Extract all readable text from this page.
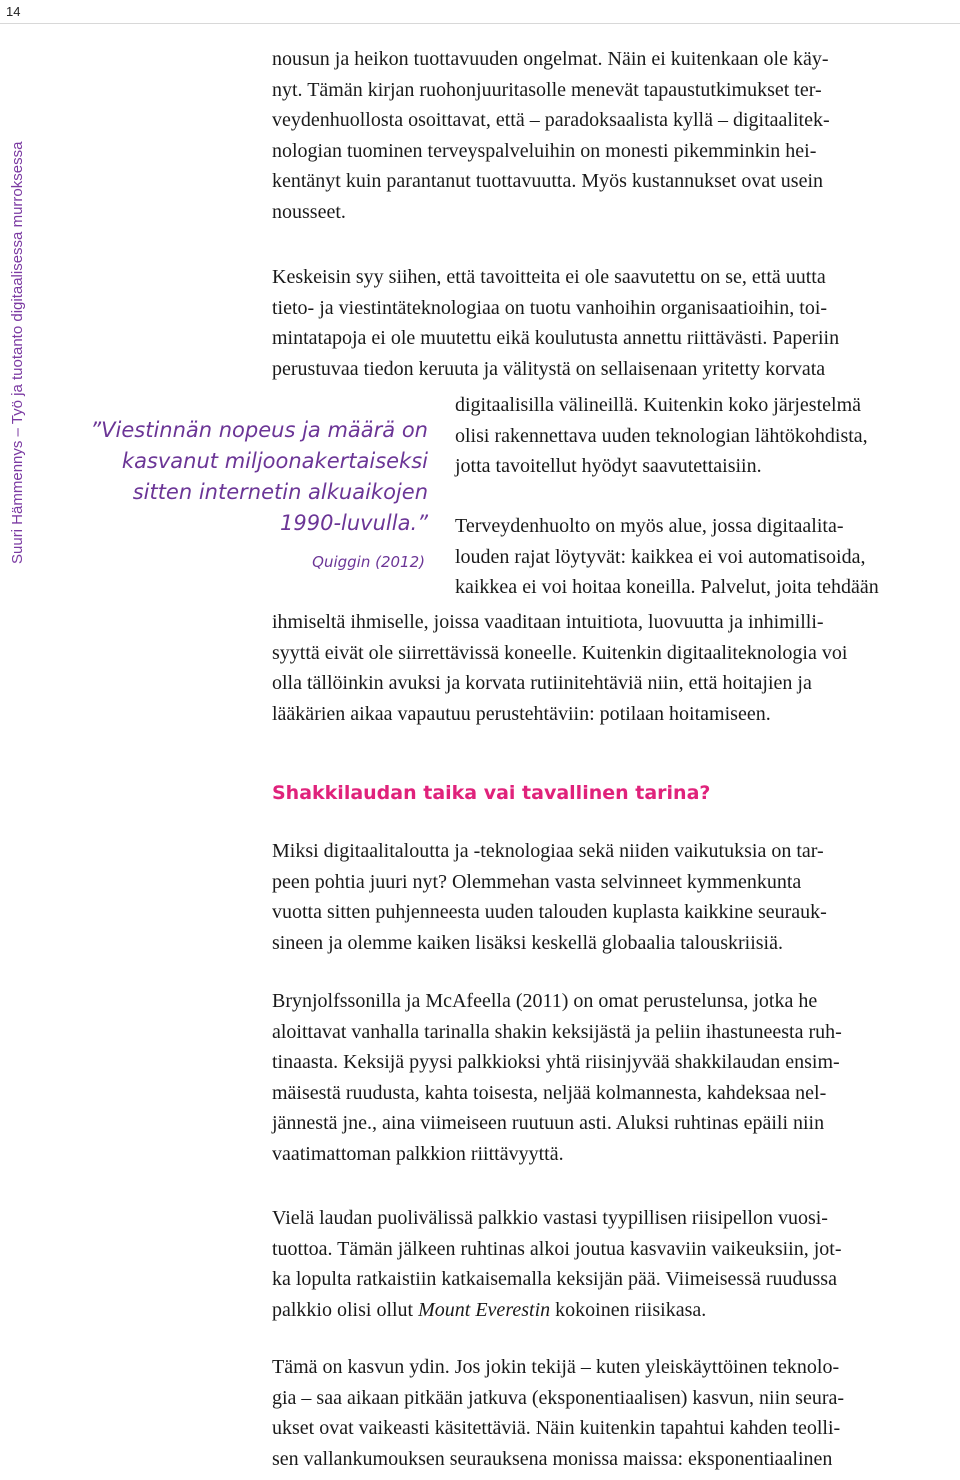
14
Suuri Hämmennys – Työ ja tuotanto digitaalisessa murroksessa
nousun ja heikon tuottavuuden ongelmat. Näin ei kuitenkaan ole käy-
nyt. Tämän kirjan ruohonjuuritasolle menevät tapaustutkimukset ter-
veydenhuollosta osoittavat, että – paradoksaalista kyllä – digitaalitek-
nologian tuominen terveyspalveluihin on monesti pikemminkin hei-
kentänyt kuin parantanut tuottavuutta. Myös kustannukset ovat usein
nousseet.
Keskeisin syy siihen, että tavoitteita ei ole saavutettu on se, että uutta
tieto- ja viestintäteknologiaa on tuotu vanhoihin organisaatioihin, toi-
mintatapoja ei ole muutettu eikä koulutusta annettu riittävästi. Paperiin
perustuvaa tiedon keruuta ja välitystä on sellaisenaan yritetty korvata
digitaalisilla välineillä. Kuitenkin koko järjestelmä
olisi rakennettava uuden teknologian lähtökohdista,
jotta tavoitellut hyödyt saavutettaisiin.
”Viestinnän nopeus ja määrä on
kasvanut miljoonakertaiseksi
sitten internetin alkuaikojen
1990-luvulla.”
Quiggin (2012)
Terveydenhuolto on myös alue, jossa digitaalita-
louden rajat löytyvät: kaikkea ei voi automatisoida,
kaikkea ei voi hoitaa koneilla. Palvelut, joita tehdään
ihmiseltä ihmiselle, joissa vaaditaan intuitiota, luovuutta ja inhimilli-
syyttä eivät ole siirrettävissä koneelle. Kuitenkin digitaaliteknologia voi
olla tällöinkin avuksi ja korvata rutiinitehtäviä niin, että hoitajien ja
lääkärien aikaa vapautuu perustehtäviin: potilaan hoitamiseen.
Shakkilaudan taika vai tavallinen tarina?
Miksi digitaalitaloutta ja -teknologiaa sekä niiden vaikutuksia on tar-
peen pohtia juuri nyt? Olemmehan vasta selvinneet kymmenkunta
vuotta sitten puhjenneesta uuden talouden kuplasta kaikkine seurauk-
sineen ja olemme kaiken lisäksi keskellä globaalia talouskriisiä.
Brynjolfssonilla ja McAfeella (2011) on omat perustelunsa, jotka he
aloittavat vanhalla tarinalla shakin keksijästä ja peliin ihastuneesta ruh-
tinaasta. Keksijä pyysi palkkioksi yhtä riisinjyvää shakkilaudan ensim-
mäisestä ruudusta, kahta toisesta, neljää kolmannesta, kahdeksaa nel-
jännestä jne., aina viimeiseen ruutuun asti. Aluksi ruhtinas epäili niin
vaatimattoman palkkion riittävyyttä.
Vielä laudan puolivälissä palkkio vastasi tyypillisen riisipellon vuosi-
tuottoa. Tämän jälkeen ruhtinas alkoi joutua kasvaviin vaikeuksiin, jot-
ka lopulta ratkaistiin katkaisemalla keksijän pää. Viimeisessä ruudussa
palkkio olisi ollut Mount Everestin kokoinen riisikasa.
Tämä on kasvun ydin. Jos jokin tekijä – kuten yleiskäyttöinen teknolo-
gia – saa aikaan pitkään jatkuva (eksponentiaalisen) kasvun, niin seura-
ukset ovat vaikeasti käsitettäviä. Näin kuitenkin tapahtui kahden teolli-
sen vallankumouksen seurauksena monissa maissa: eksponentiaalinen
